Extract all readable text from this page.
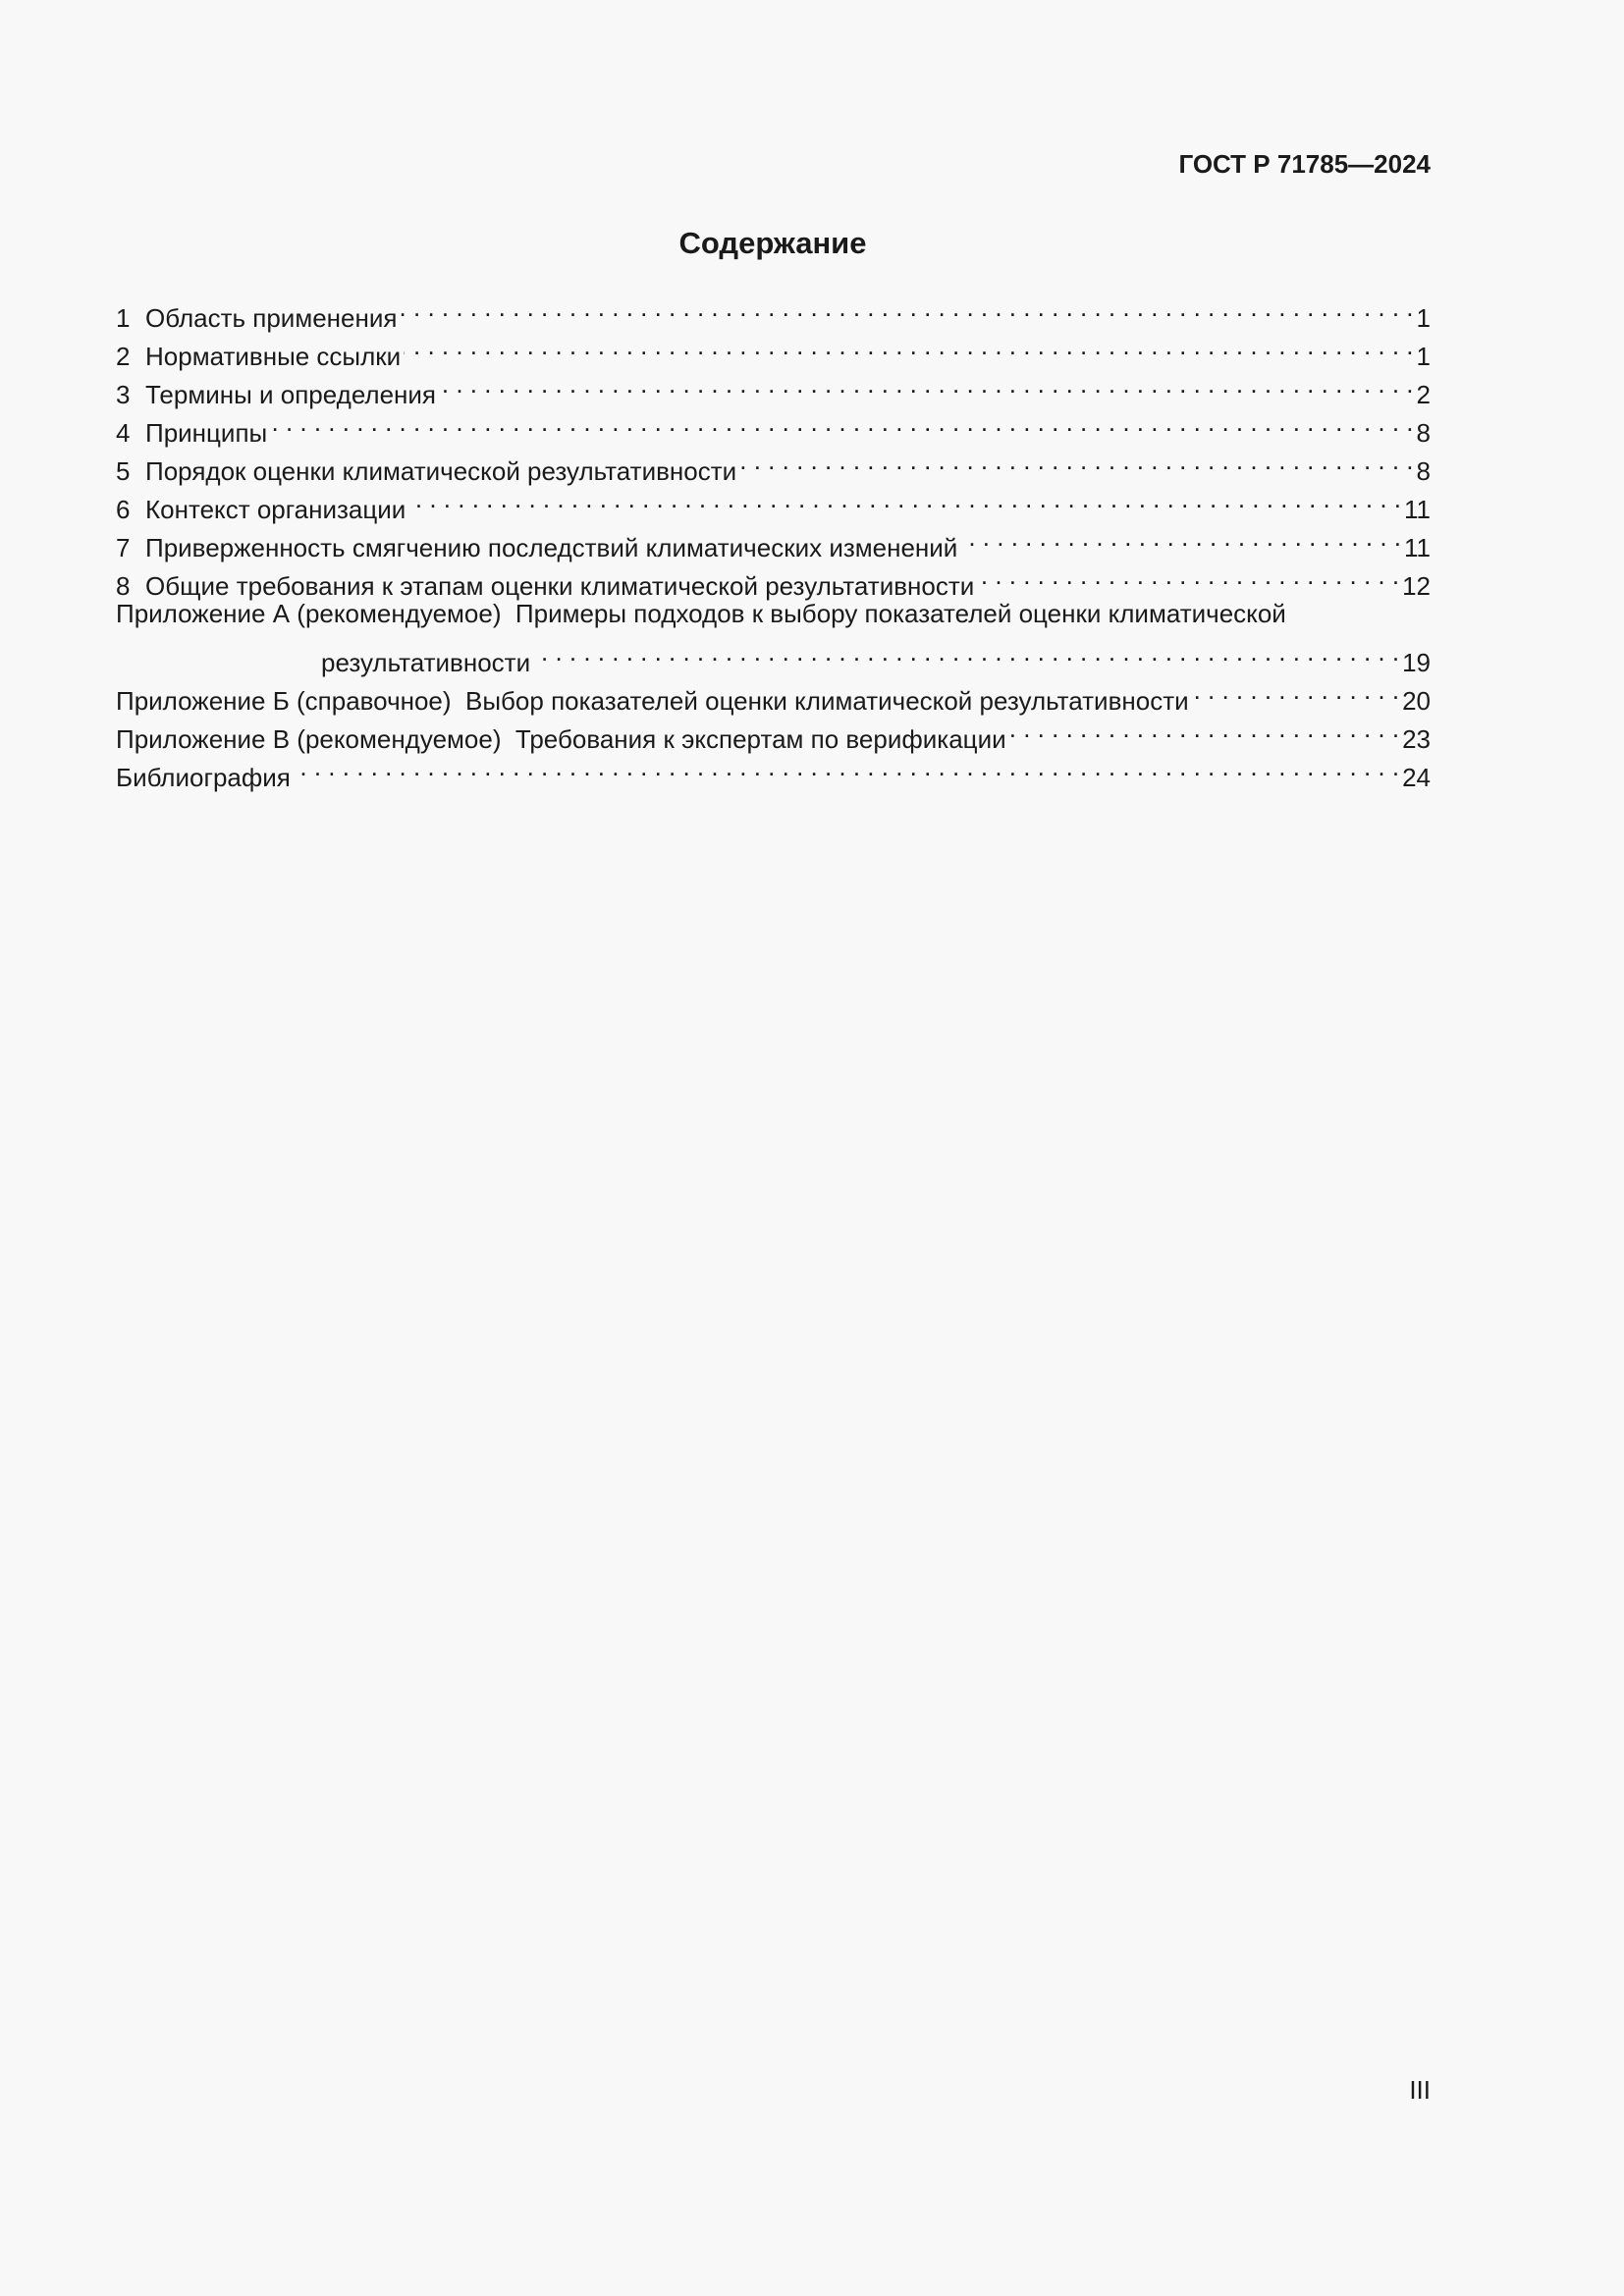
ГОСТ Р 71785—2024
Содержание
1 Область применения . . .	1
2 Нормативные ссылки . . .	1
3 Термины и определения . . .	2
4 Принципы . . .	8
5 Порядок оценки климатической результативности . . .	8
6 Контекст организации . . .	11
7 Приверженность смягчению последствий климатических изменений . . .	11
8 Общие требования к этапам оценки климатической результативности . . .	12
Приложение А (рекомендуемое)  Примеры подходов к выбору показателей оценки климатической
результативности . . .	19
Приложение Б (справочное)  Выбор показателей оценки климатической результативности . . .	20
Приложение В (рекомендуемое)  Требования к экспертам по верификации . . .	23
Библиография . . .	24
III
